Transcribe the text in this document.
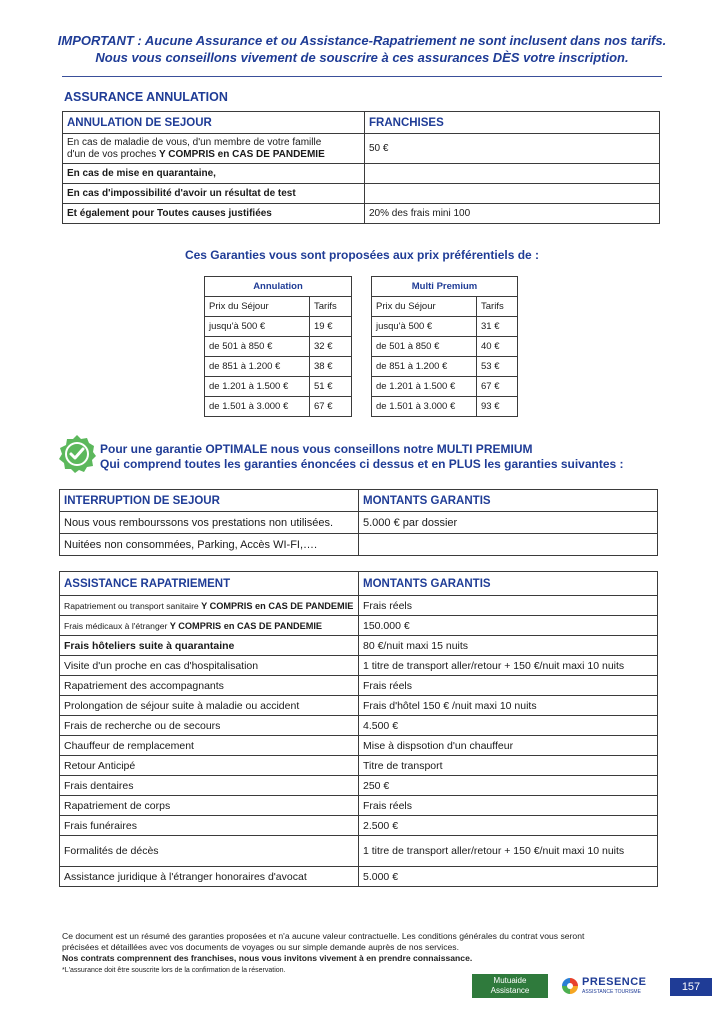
IMPORTANT : Aucune Assurance et ou Assistance-Rapatriement ne sont inclusent dans nos tarifs.
Nous vous conseillons vivement de souscrire à ces assurances DÈS votre inscription.
ASSURANCE ANNULATION
ANNULATION DE SEJOUR	FRANCHISES
En cas de maladie de vous, d'un membre de votre famille
d'un de vos proches Y COMPRIS en CAS DE PANDEMIE	50 €
En cas de mise en quarantaine,	
En cas d'impossibilité d'avoir un résultat de test	
Et également pour Toutes causes justifiées	20% des frais mini 100
Ces Garanties vous sont proposées aux prix préférentiels de :
Annulation	
Prix du Séjour	Tarifs
jusqu'à 500 €	19 €
de 501 à 850 €	32 €
de 851 à 1.200 €	38 €
de 1.201 à 1.500 €	51 €
de 1.501 à 3.000 €	67 €
Multi Premium	
Prix du Séjour	Tarifs
jusqu'à 500 €	31 €
de 501 à 850 €	40 €
de 851 à 1.200 €	53 €
de 1.201 à 1.500 €	67 €
de 1.501 à 3.000 €	93 €
Pour une garantie OPTIMALE nous vous conseillons notre MULTI PREMIUM
Qui comprend toutes les garanties énoncées ci dessus et en PLUS les garanties suivantes :
INTERRUPTION DE SEJOUR	MONTANTS GARANTIS
Nous vous rembourssons vos prestations non utilisées.	5.000 € par dossier
Nuitées non consommées, Parking, Accès WI-FI,….	
ASSISTANCE RAPATRIEMENT	MONTANTS GARANTIS
Rapatriement ou transport sanitaire Y COMPRIS en CAS DE PANDEMIE	Frais réels
Frais médicaux à l'étranger Y COMPRIS en CAS DE PANDEMIE	150.000 €
Frais hôteliers suite à quarantaine	80 €/nuit maxi 15 nuits
Visite d'un proche en cas d'hospitalisation	1 titre de transport aller/retour + 150 €/nuit maxi 10 nuits
Rapatriement des accompagnants	Frais réels
Prolongation de séjour suite à maladie ou accident	Frais d'hôtel 150 € /nuit maxi 10 nuits
Frais de recherche ou de secours	4.500 €
Chauffeur de remplacement	Mise à dispsotion d'un chauffeur
Retour Anticipé	Titre de transport
Frais dentaires	250 €
Rapatriement de corps	Frais réels
Frais funéraires	2.500 €
Formalités de décès	1 titre de transport aller/retour + 150 €/nuit maxi 10 nuits
Assistance juridique à l'étranger honoraires d'avocat	5.000 €
Ce document est un résumé des garanties proposées et n'a aucune valeur contractuelle. Les conditions générales du contrat vous seront
précisées et détaillées avec vos documents de voyages ou sur simple demande auprès de nos services.
Nos contrats comprennent des franchises, nous vous invitons vivement à en prendre connaissance.
*L'assurance doit être souscrite lors de la confirmation de la réservation.
Mutuaide
Assistance
PRESENCE
ASSISTANCE TOURISME	157
